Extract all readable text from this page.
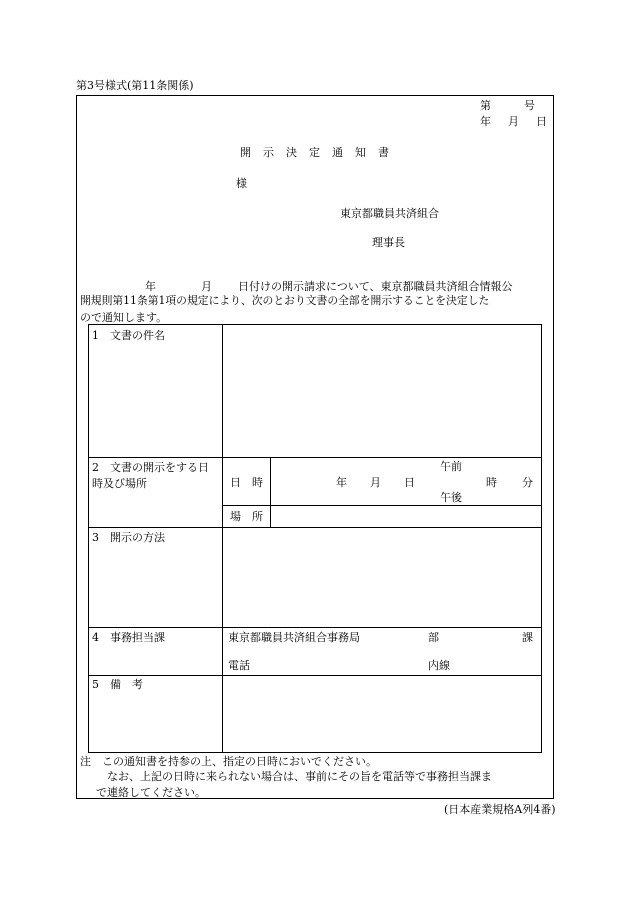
第3号様式(第11条関係)
第　　　号
年　月　日
開示決定通知書
様
東京都職員共済組合
理事長
年	月 日付けの開示請求について、東京都職員共済組合情報公
開規則第11条第1項の規定により、次のとおり文書の全部を開示することを決定した
ので通知します。
1　文書の件名
2　文書の開示をする日
時及び場所	日　時
午前
年 月 日	時 分
午後
場　所
3　開示の方法
4　事務担当課	東京都職員共済組合事務局	部	課
電話	内線
5　備　考
注　この通知書を持参の上、指定の日時においでください。
　なお、上記の日時に来られない場合は、事前にその旨を電話等で事務担当課ま
で連絡してください。
(日本産業規格A列4番)
